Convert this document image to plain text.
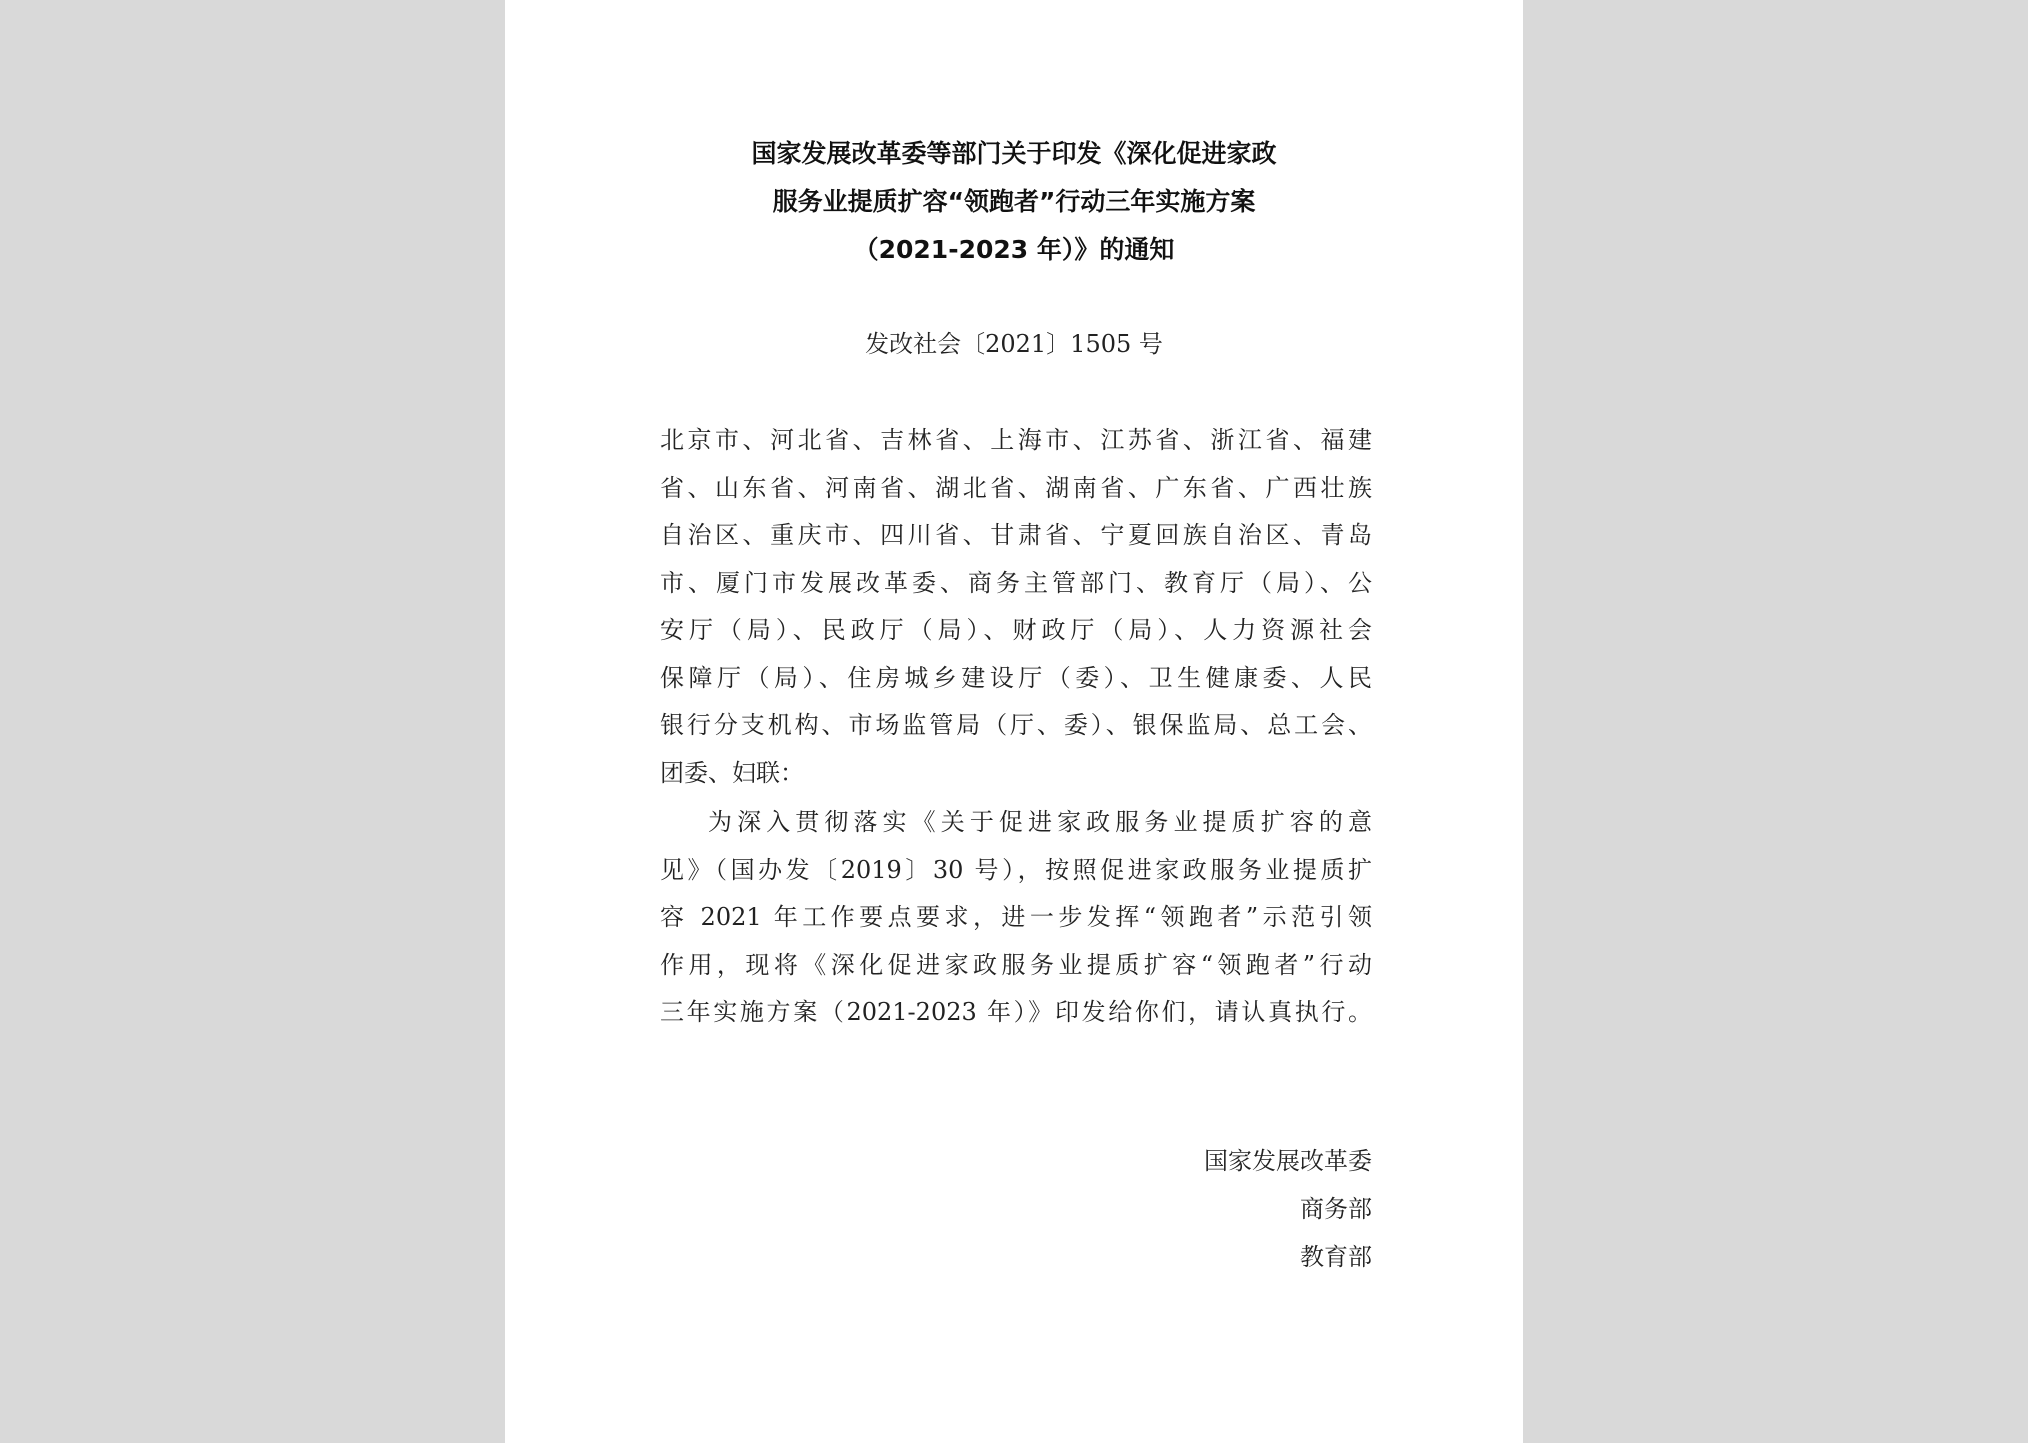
国家发展改革委等部门关于印发《深化促进家政
服务业提质扩容“领跑者”行动三年实施方案
（2021-2023 年）》的通知
发改社会〔2021〕1505 号
北京市、河北省、吉林省、上海市、江苏省、浙江省、福建
省、山东省、河南省、湖北省、湖南省、广东省、广西壮族
自治区、重庆市、四川省、甘肃省、宁夏回族自治区、青岛
市、厦门市发展改革委、商务主管部门、教育厅（局）、公
安厅（局）、民政厅（局）、财政厅（局）、人力资源社会
保障厅（局）、住房城乡建设厅（委）、卫生健康委、人民
银行分支机构、市场监管局（厅、委）、银保监局、总工会、
团委、妇联：
为深入贯彻落实《关于促进家政服务业提质扩容的意
见》（国办发〔2019〕30 号），按照促进家政服务业提质扩
容 2021 年工作要点要求，进一步发挥“领跑者”示范引领
作用，现将《深化促进家政服务业提质扩容“领跑者”行动
三年实施方案（2021-2023 年）》印发给你们，请认真执行。
国家发展改革委
商务部
教育部
